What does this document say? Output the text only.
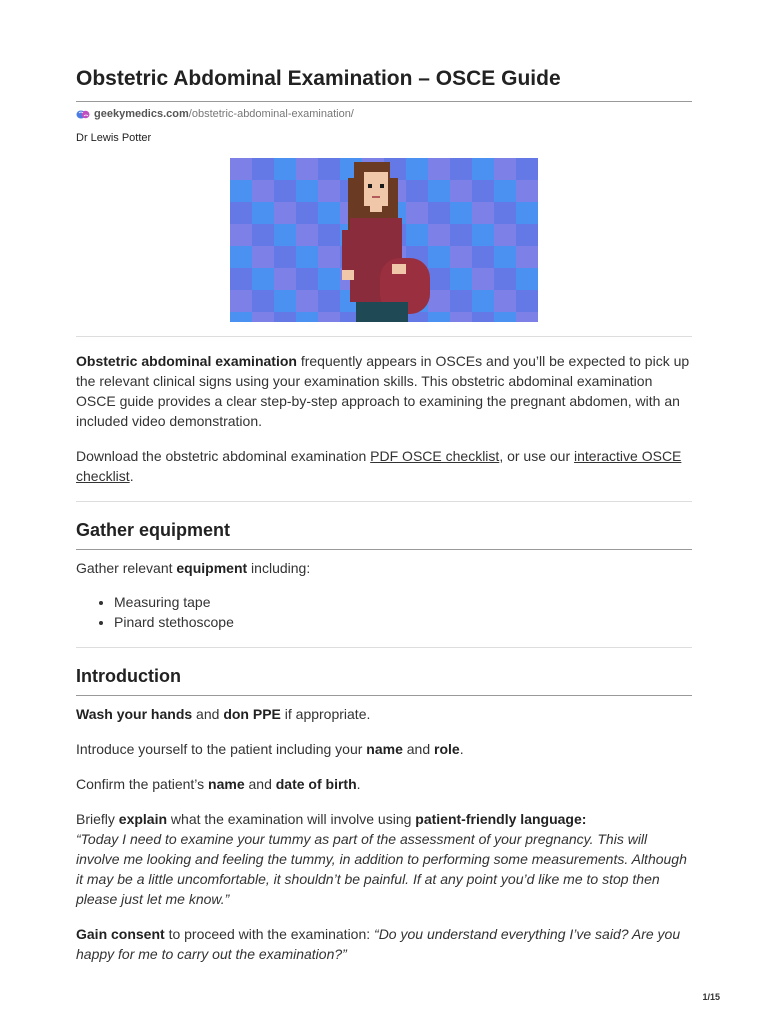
Obstetric Abdominal Examination – OSCE Guide
geekymedics.com /obstetric-abdominal-examination/
Dr Lewis Potter

Obstetric abdominal examination frequently appears in OSCEs and you’ll be expected to pick up the relevant clinical signs using your examination skills. This obstetric abdominal examination OSCE guide provides a clear step-by-step approach to examining the pregnant abdomen, with an included video demonstration.

Download the obstetric abdominal examination PDF OSCE checklist, or use our interactive OSCE checklist.

Gather equipment

Gather relevant equipment including:

• Measuring tape
• Pinard stethoscope
Introduction

Wash your hands and don PPE if appropriate.

Introduce yourself to the patient including your name and role.

Confirm the patient’s name and date of birth.

Briefly explain what the examination will involve using patient-friendly language:
“Today I need to examine your tummy as part of the assessment of your pregnancy. This will involve me looking and feeling the tummy, in addition to performing some measurements. Although it may be a little uncomfortable, it shouldn’t be painful. If at any point you’d like me to stop then please just let me know.”

Gain consent to proceed with the examination: “Do you understand everything I’ve said? Are you happy for me to carry out the examination?”

1/15
